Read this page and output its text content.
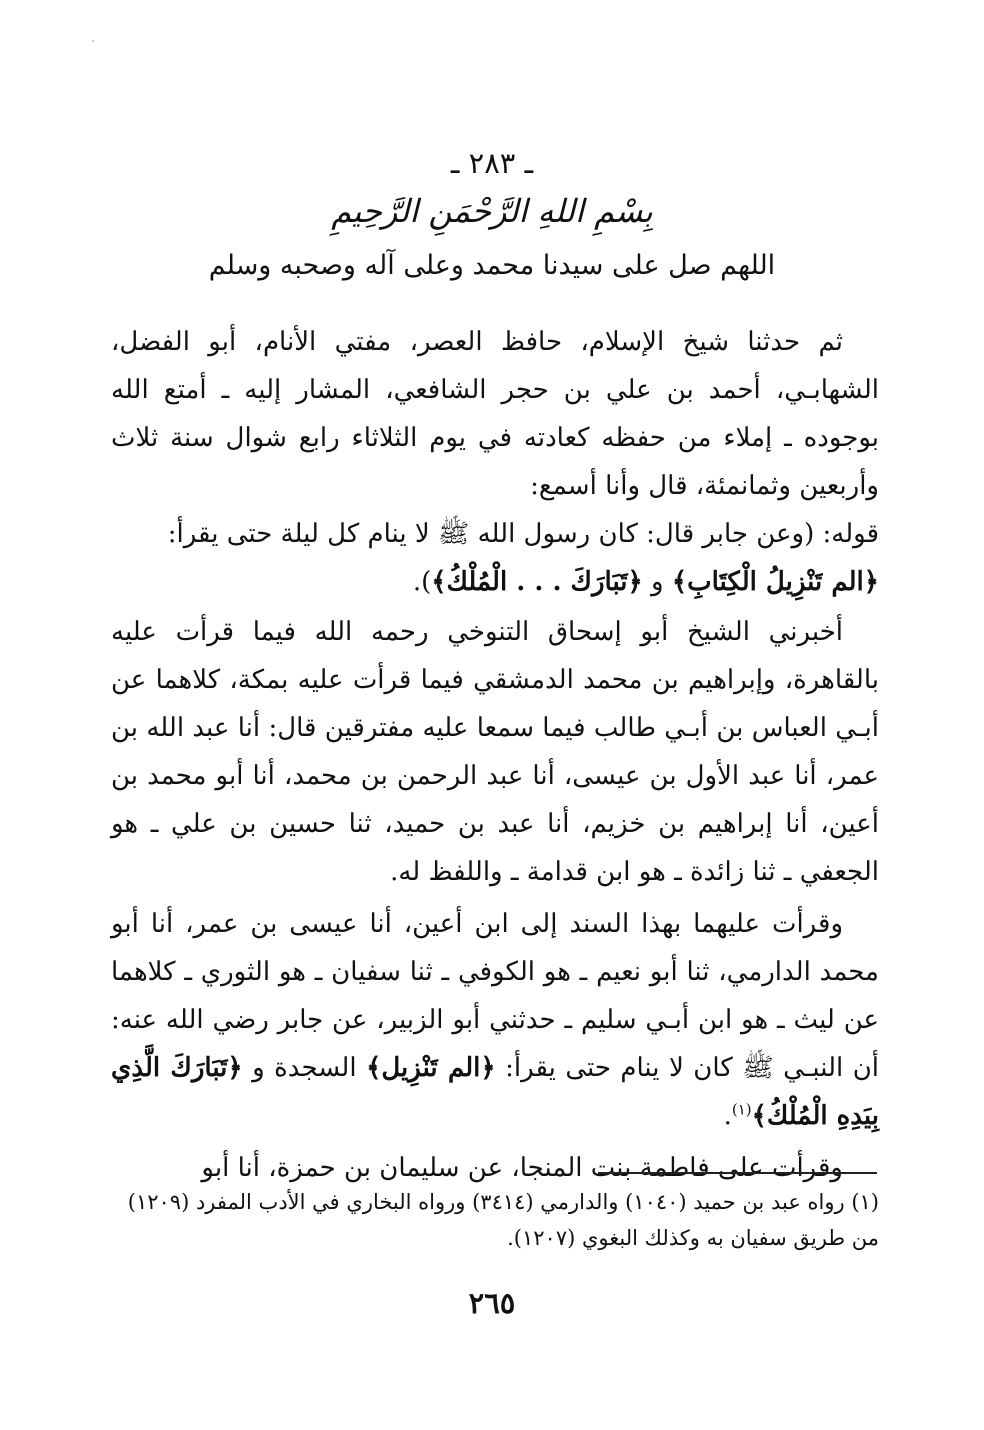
ـ ٢٨٣ ـ
بِسْمِ اللهِ الرَّحْمَنِ الرَّحِيمِ
اللهم صل على سيدنا محمد وعلى آله وصحبه وسلم

ثم حدثنا شيخ الإسلام، حافظ العصر، مفتي الأنام، أبو الفضل، الشهابـي، أحمد بن علي بن حجر الشافعي، المشار إليه ـ أمتع الله بوجوده ـ إملاء من حفظه كعادته في يوم الثلاثاء رابع شوال سنة ثلاث وأربعين وثمانمئة، قال وأنا أسمع:

قوله: (وعن جابر قال: كان رسول الله ﷺ لا ينام كل ليلة حتى يقرأ:
﴿الم تَنْزِيلُ الْكِتَابِ﴾ و ﴿تَبَارَكَ . . . الْمُلْكُ﴾).

أخبرني الشيخ أبو إسحاق التنوخي رحمه الله فيما قرأت عليه بالقاهرة، وإبراهيم بن محمد الدمشقي فيما قرأت عليه بمكة، كلاهما عن أبـي العباس بن أبـي طالب فيما سمعا عليه مفترقين قال: أنا عبد الله بن عمر، أنا عبد الأول بن عيسى، أنا عبد الرحمن بن محمد، أنا أبو محمد بن أعين، أنا إبراهيم بن خزيم، أنا عبد بن حميد، ثنا حسين بن علي ـ هو الجعفي ـ ثنا زائدة ـ هو ابن قدامة ـ واللفظ له.

وقرأت عليهما بهذا السند إلى ابن أعين، أنا عيسى بن عمر، أنا أبو محمد الدارمي، ثنا أبو نعيم ـ هو الكوفي ـ ثنا سفيان ـ هو الثوري ـ كلاهما عن ليث ـ هو ابن أبـي سليم ـ حدثني أبو الزبير، عن جابر رضي الله عنه: أن النبـي ﷺ كان لا ينام حتى يقرأ: ﴿الم تَنْزِيل﴾ السجدة و ﴿تَبَارَكَ الَّذِي بِيَدِهِ الْمُلْكُ﴾$^{(١)}$.

وقرأت على فاطمة بنت المنجا، عن سليمان بن حمزة، أنا أبو

(١) رواه عبد بن حميد (١٠٤٠) والدارمي (٣٤١٤) ورواه البخاري في الأدب المفرد (١٢٠٩)

من طريق سفيان به وكذلك البغوي (١٢٠٧).

٢٦٥
